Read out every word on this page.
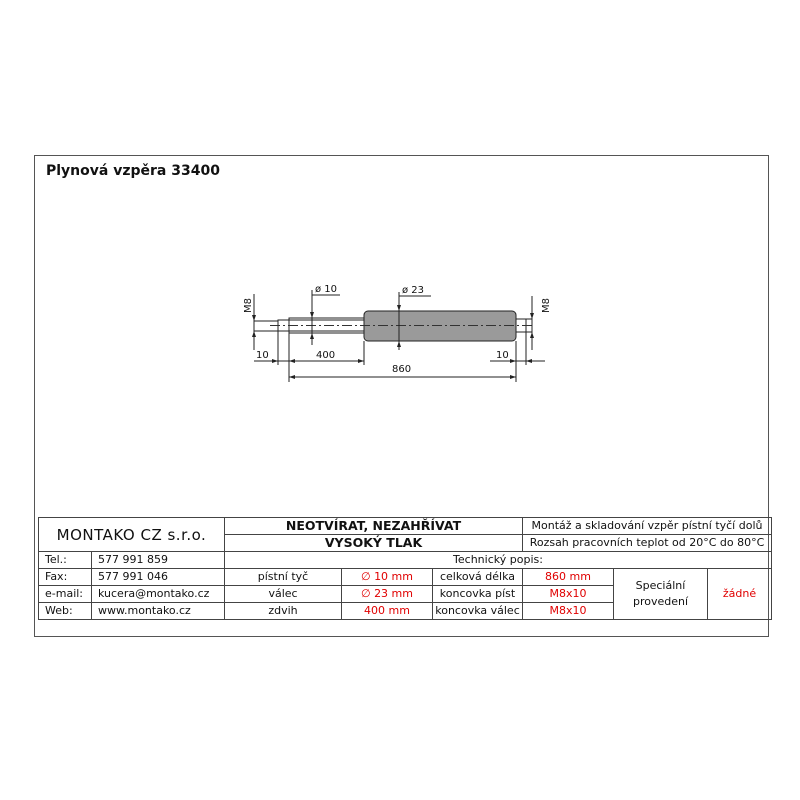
Plynová vzpěra 33400
ø 10	ø 23
M8	M8
10	400	10
860
MONTAKO CZ s.r.o.		NEOTVÍRAT, NEZAHŘÍVAT			Montáž a skladování vzpěr pístní tyčí dolů		
		VYSOKÝ TLAK			Rozsah pracovních teplot od 20°C do 80°C		
Tel.:	577 991 859	Technický popis:					
Fax:	577 991 046	pístní tyč	∅ 10 mm	celková délka	860 mm	Speciální provedení	žádné
e-mail:	kucera@montako.cz	válec	∅ 23 mm	koncovka píst	M8x10		
Web:	www.montako.cz	zdvih	400 mm	koncovka válec	M8x10		
